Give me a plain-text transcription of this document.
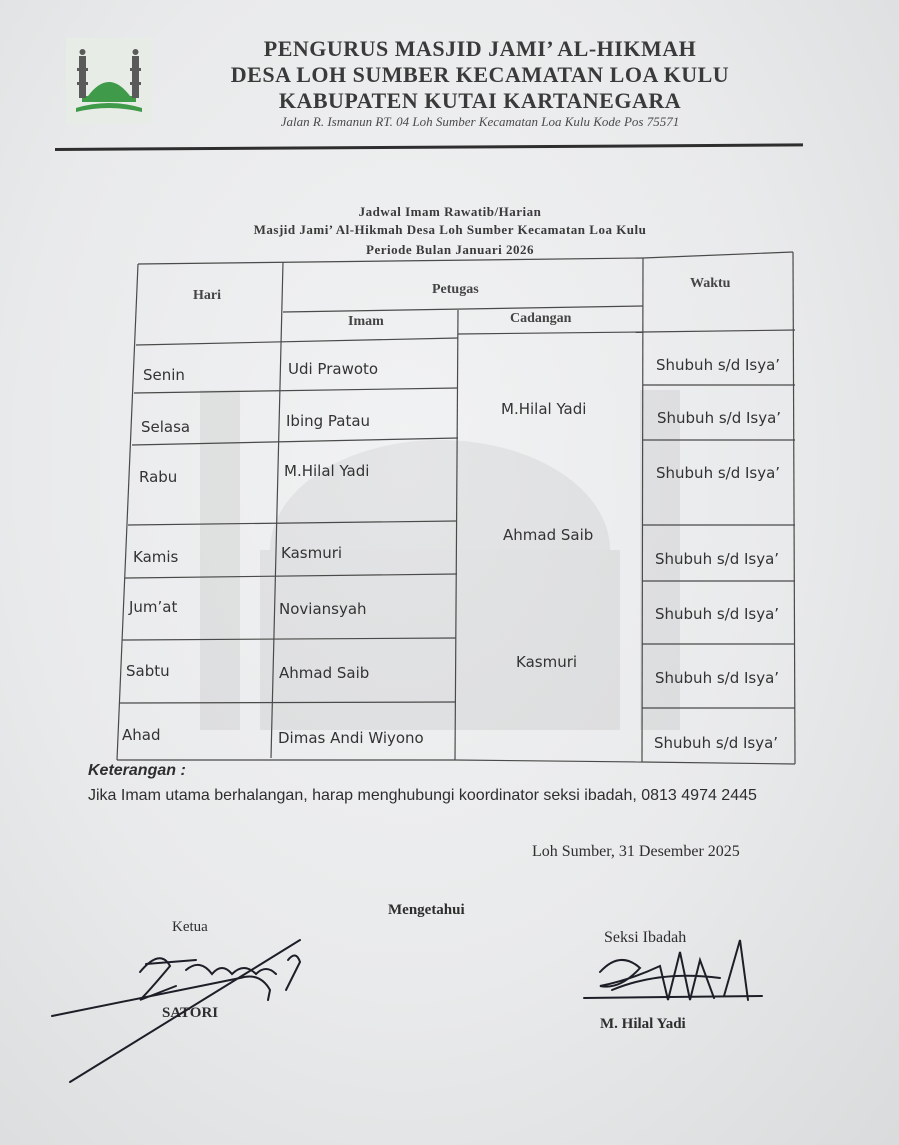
PENGURUS MASJID JAMI’ AL-HIKMAH
DESA LOH SUMBER KECAMATAN LOA KULU
KABUPATEN KUTAI KARTANEGARA
Jalan R. Ismanun RT. 04 Loh Sumber Kecamatan Loa Kulu Kode Pos 75571
Jadwal Imam Rawatib/Harian
Masjid Jami’ Al-Hikmah Desa Loh Sumber Kecamatan Loa Kulu
Periode Bulan Januari 2026
Hari	Petugas
Imam	Cadangan
Waktu
Senin
Selasa
Rabu
Kamis
Jum’at
Sabtu
Ahad
Udi Prawoto
Ibing Patau
M.Hilal Yadi
Kasmuri
Noviansyah
Ahmad Saib
Dimas Andi Wiyono
M.Hilal Yadi
Ahmad Saib
Kasmuri
Shubuh s/d Isya’
Shubuh s/d Isya’
Shubuh s/d Isya’
Shubuh s/d Isya’
Shubuh s/d Isya’
Shubuh s/d Isya’
Shubuh s/d Isya’
Keterangan :
Jika Imam utama berhalangan, harap menghubungi koordinator seksi ibadah, 0813 4974 2445
Loh Sumber, 31 Desember 2025
Mengetahui
Ketua
SATORI
Seksi Ibadah
M. Hilal Yadi
